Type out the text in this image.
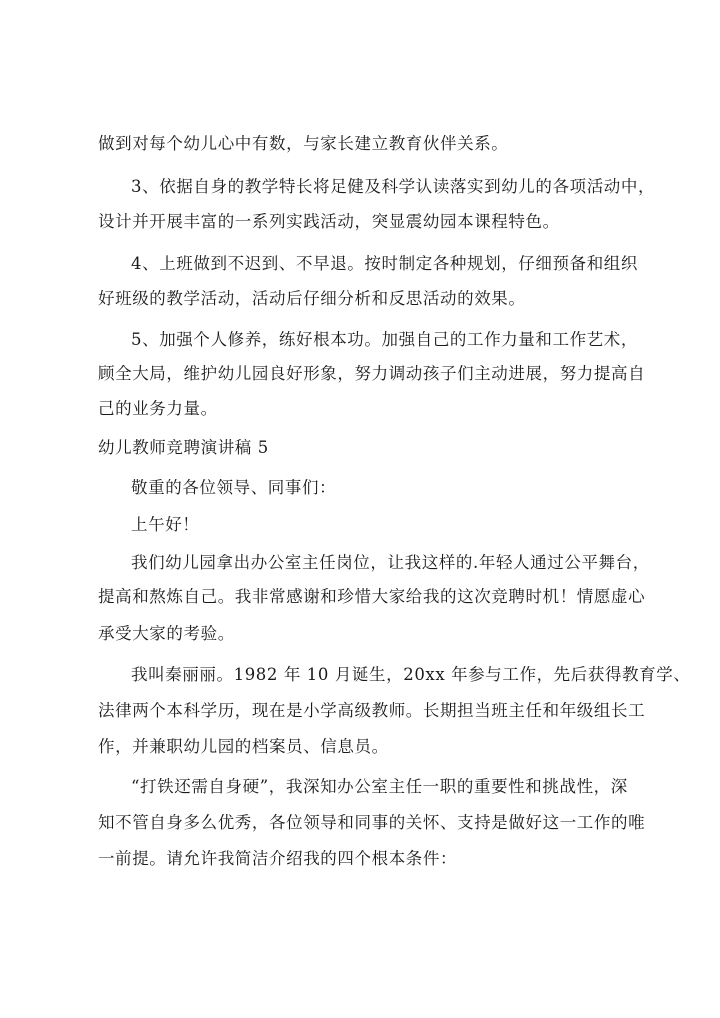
做到对每个幼儿心中有数，与家长建立教育伙伴关系。
3、依据自身的教学特长将足健及科学认读落实到幼儿的各项活动中，
设计并开展丰富的一系列实践活动，突显震幼园本课程特色。
4、上班做到不迟到、不早退。按时制定各种规划，仔细预备和组织
好班级的教学活动，活动后仔细分析和反思活动的效果。
5、加强个人修养，练好根本功。加强自己的工作力量和工作艺术，
顾全大局，维护幼儿园良好形象，努力调动孩子们主动进展，努力提高自
己的业务力量。
幼儿教师竞聘演讲稿 5
敬重的各位领导、同事们：
上午好！
我们幼儿园拿出办公室主任岗位，让我这样的.年轻人通过公平舞台，
提高和熬炼自己。我非常感谢和珍惜大家给我的这次竞聘时机！情愿虚心
承受大家的考验。
我叫秦丽丽。1982 年 10 月诞生，20xx 年参与工作，先后获得教育学、
法律两个本科学历，现在是小学高级教师。长期担当班主任和年级组长工
作，并兼职幼儿园的档案员、信息员。
“打铁还需自身硬”，我深知办公室主任一职的重要性和挑战性，深
知不管自身多么优秀，各位领导和同事的关怀、支持是做好这一工作的唯
一前提。请允许我简洁介绍我的四个根本条件：
